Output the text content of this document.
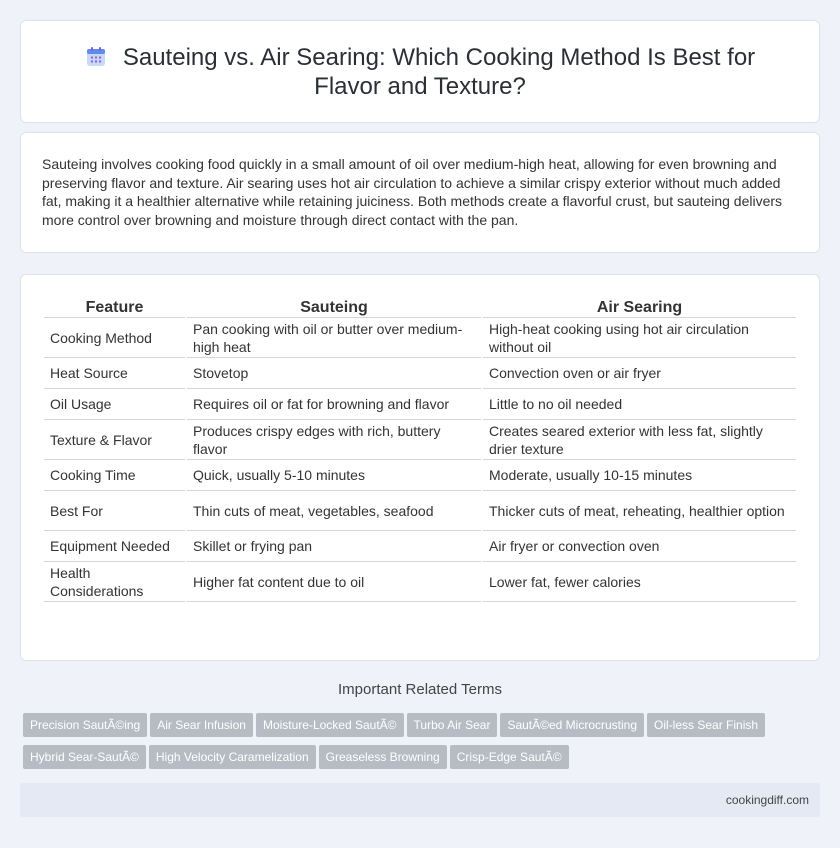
Sauteing vs. Air Searing: Which Cooking Method Is Best for Flavor and Texture?

Sauteing involves cooking food quickly in a small amount of oil over medium-high heat, allowing for even browning and preserving flavor and texture. Air searing uses hot air circulation to achieve a similar crispy exterior without much added fat, making it a healthier alternative while retaining juiciness. Both methods create a flavorful crust, but sauteing delivers more control over browning and moisture through direct contact with the pan.

Feature	Sauteing	Air Searing
Cooking Method	Pan cooking with oil or butter over medium-high heat	High-heat cooking using hot air circulation without oil
Heat Source	Stovetop	Convection oven or air fryer
Oil Usage	Requires oil or fat for browning and flavor	Little to no oil needed
Texture & Flavor	Produces crispy edges with rich, buttery flavor	Creates seared exterior with less fat, slightly drier texture
Cooking Time	Quick, usually 5-10 minutes	Moderate, usually 10-15 minutes
Best For	Thin cuts of meat, vegetables, seafood	Thicker cuts of meat, reheating, healthier option
Equipment Needed	Skillet or frying pan	Air fryer or convection oven
Health Considerations	Higher fat content due to oil	Lower fat, fewer calories
Important Related Terms
Precision SautÃ©ing Air Sear Infusion Moisture-Locked SautÃ© Turbo Air Sear SautÃ©ed Microcrusting Oil-less Sear Finish
Hybrid Sear-SautÃ© High Velocity Caramelization Greaseless Browning Crisp-Edge SautÃ©
cookingdiff.com
